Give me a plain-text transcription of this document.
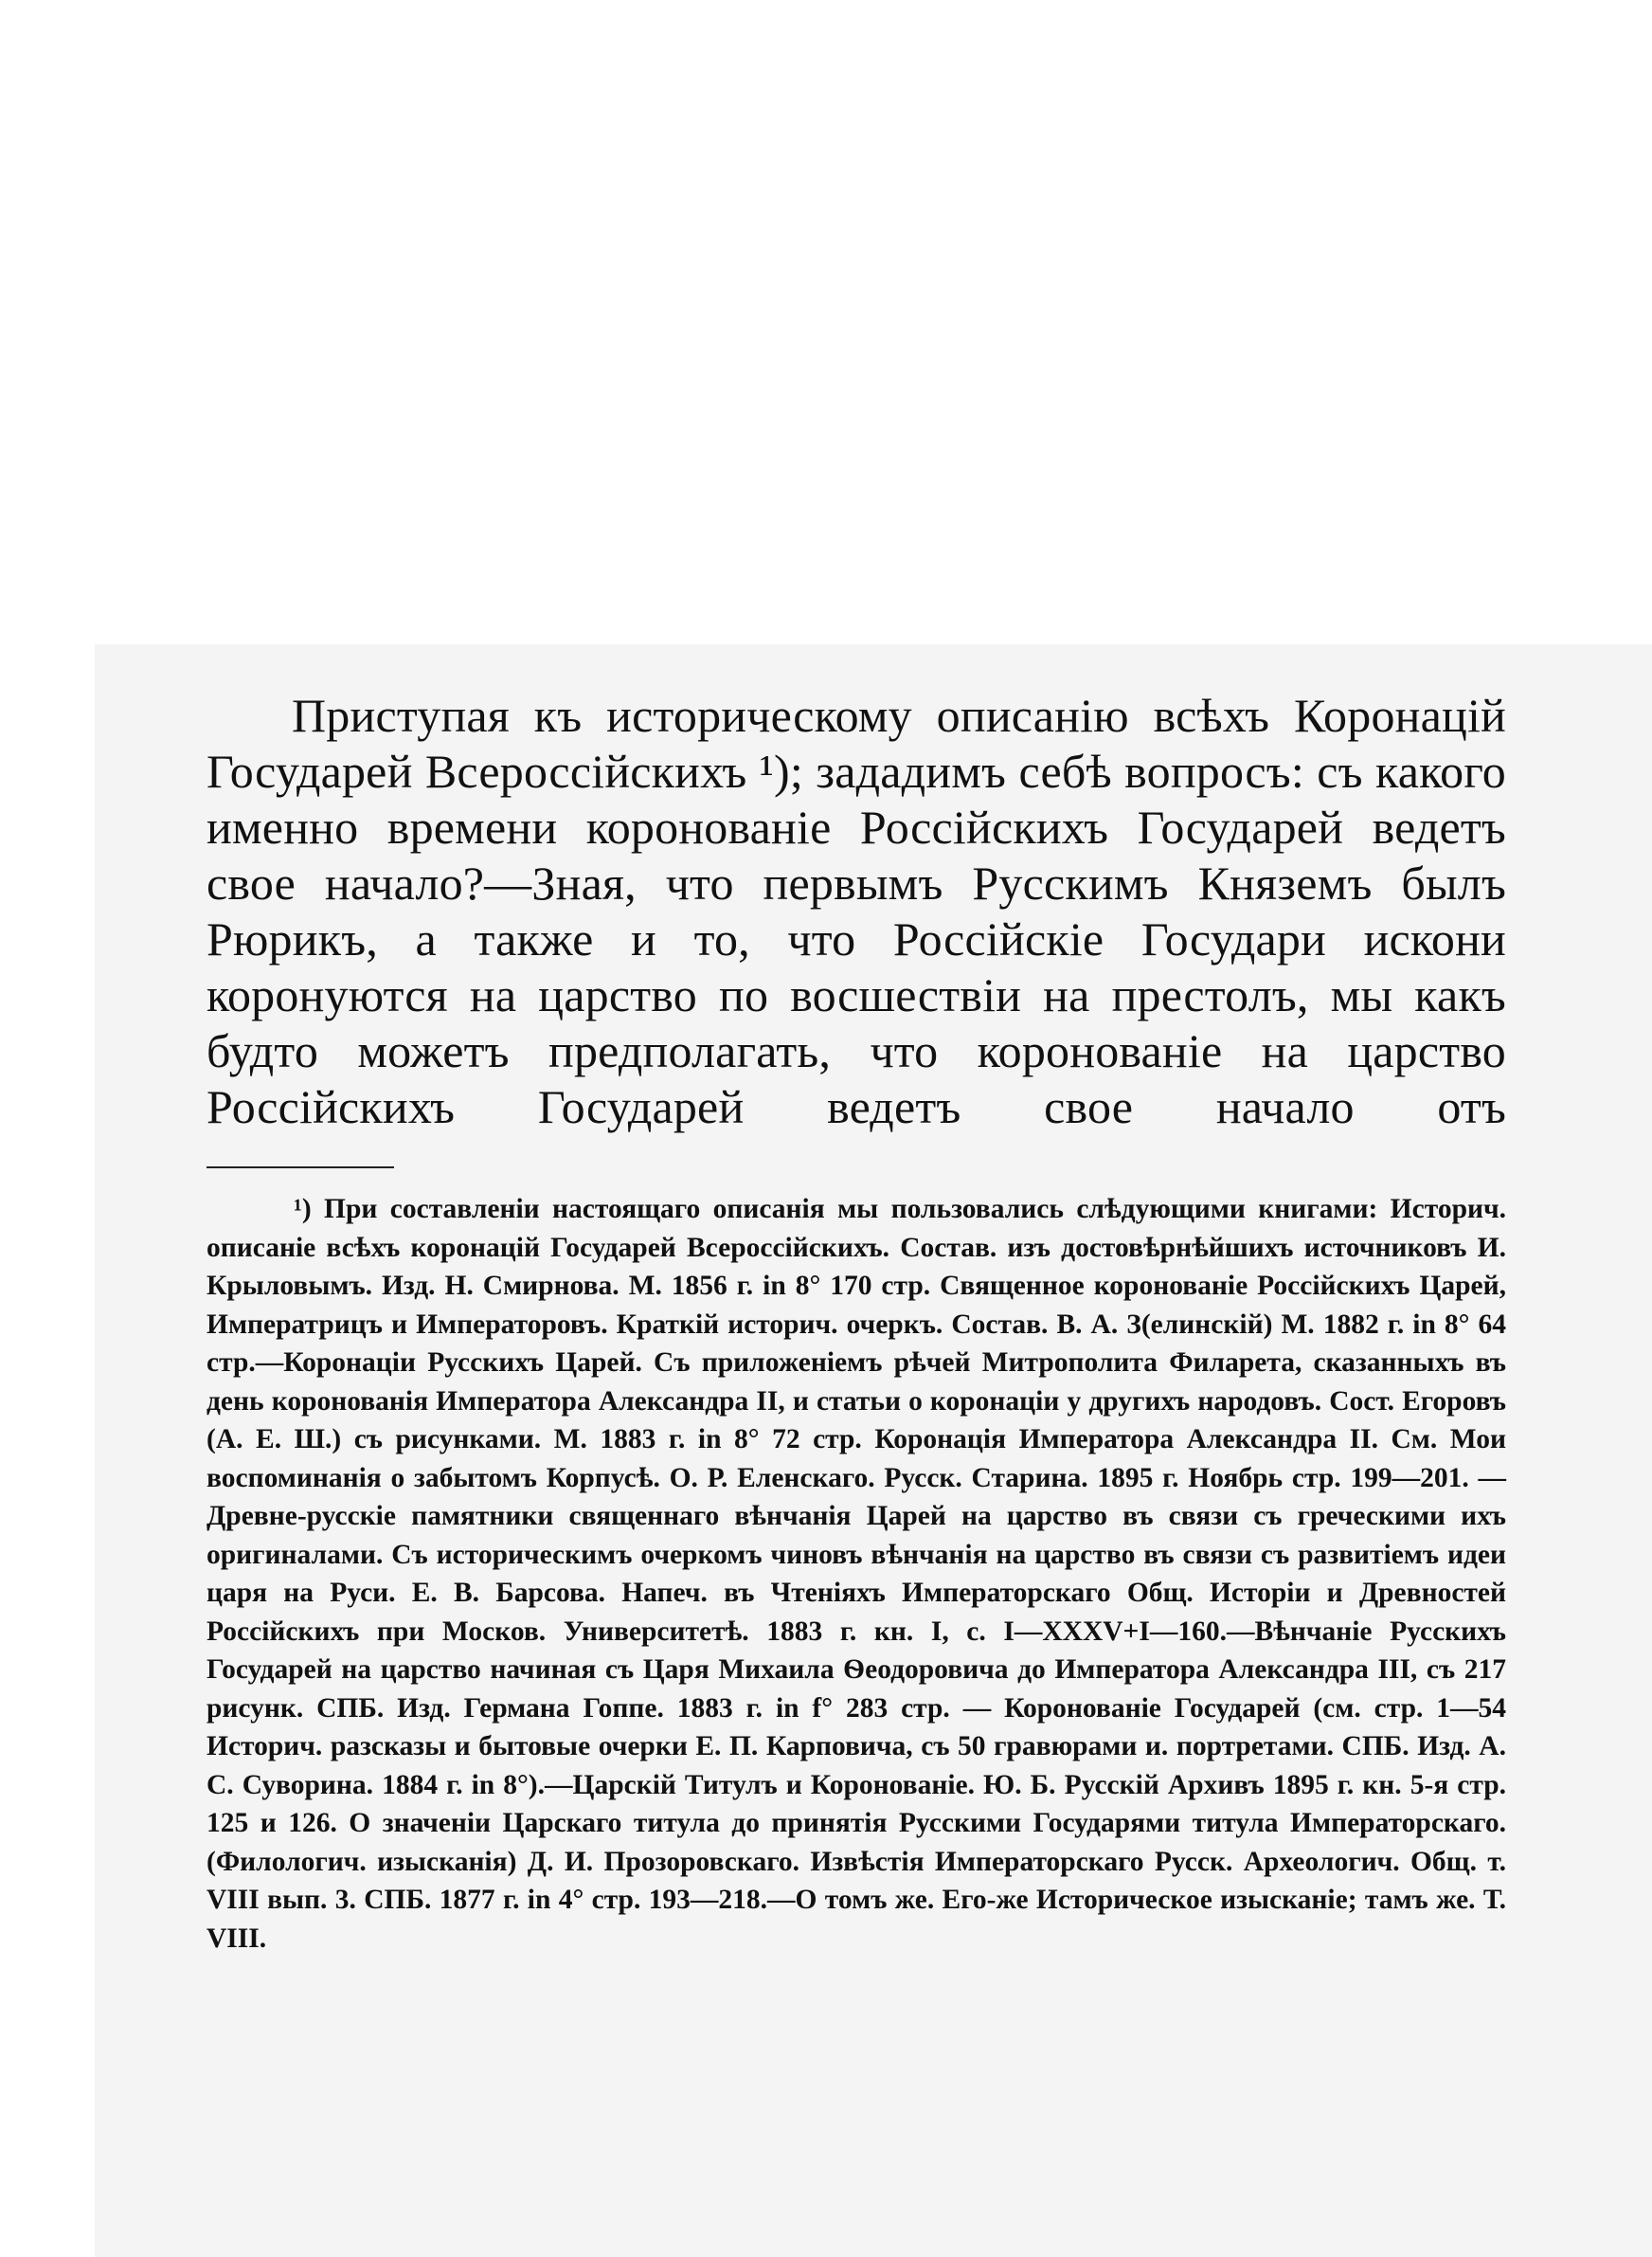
Приступая къ историческому описанію всѣхъ Коронацій Государей Всероссійскихъ ¹); зададимъ себѣ вопросъ: съ какого именно времени коронованіе Россійскихъ Государей ведетъ свое начало?—Зная, что первымъ Русскимъ Княземъ былъ Рюрикъ, а также и то, что Россійскіе Государи искони коронуются на царство по восшествіи на престолъ, мы какъ будто можетъ предполагать, что коронованіе на царство Россійскихъ Государей ведетъ свое начало отъ

¹) При составленіи настоящаго описанія мы пользовались слѣдующими книгами: Историч. описаніе всѣхъ коронацій Государей Всероссійскихъ. Состав. изъ достовѣрнѣйшихъ источниковъ И. Крыловымъ. Изд. Н. Смирнова. М. 1856 г. in 8° 170 стр. Священное коронованіе Россійскихъ Царей, Императрицъ и Императоровъ. Краткій историч. очеркъ. Состав. В. А. З(елинскій) М. 1882 г. in 8° 64 стр.—Коронаціи Русскихъ Царей. Съ приложеніемъ рѣчей Митрополита Филарета, сказанныхъ въ день коронованія Императора Александра II, и статьи о коронаціи у другихъ народовъ. Сост. Егоровъ (А. Е. Ш.) съ рисунками. М. 1883 г. in 8° 72 стр. Коронація Императора Александра II. См. Мои воспоминанія о забытомъ Корпусѣ. О. Р. Еленскаго. Русск. Старина. 1895 г. Ноябрь стр. 199—201. — Древне-русскіе памятники священнаго вѣнчанія Царей на царство въ связи съ греческими ихъ оригиналами. Съ историческимъ очеркомъ чиновъ вѣнчанія на царство въ связи съ развитіемъ идеи царя на Руси. Е. В. Барсова. Напеч. въ Чтеніяхъ Императорскаго Общ. Исторіи и Древностей Россійскихъ при Москов. Университетѣ. 1883 г. кн. I, с. I—XXXV+I—160.—Вѣнчаніе Русскихъ Государей на царство начиная съ Царя Михаила Ѳеодоровича до Императора Александра III, съ 217 рисунк. СПБ. Изд. Германа Гоппе. 1883 г. in f° 283 стр. — Коронованіе Государей (см. стр. 1—54 Историч. разсказы и бытовые очерки Е. П. Карповича, съ 50 гравюрами и. портретами. СПБ. Изд. А. С. Суворина. 1884 г. in 8°).—Царскій Титулъ и Коронованіе. Ю. Б. Русскій Архивъ 1895 г. кн. 5-я стр. 125 и 126. О значеніи Царскаго титула до принятія Русскими Государями титула Императорскаго. (Филологич. изысканія) Д. И. Прозоровскаго. Извѣстія Императорскаго Русск. Археологич. Общ. т. VIII вып. 3. СПБ. 1877 г. in 4° стр. 193—218.—О томъ же. Его-же Историческое изысканіе; тамъ же. Т. VIII.
